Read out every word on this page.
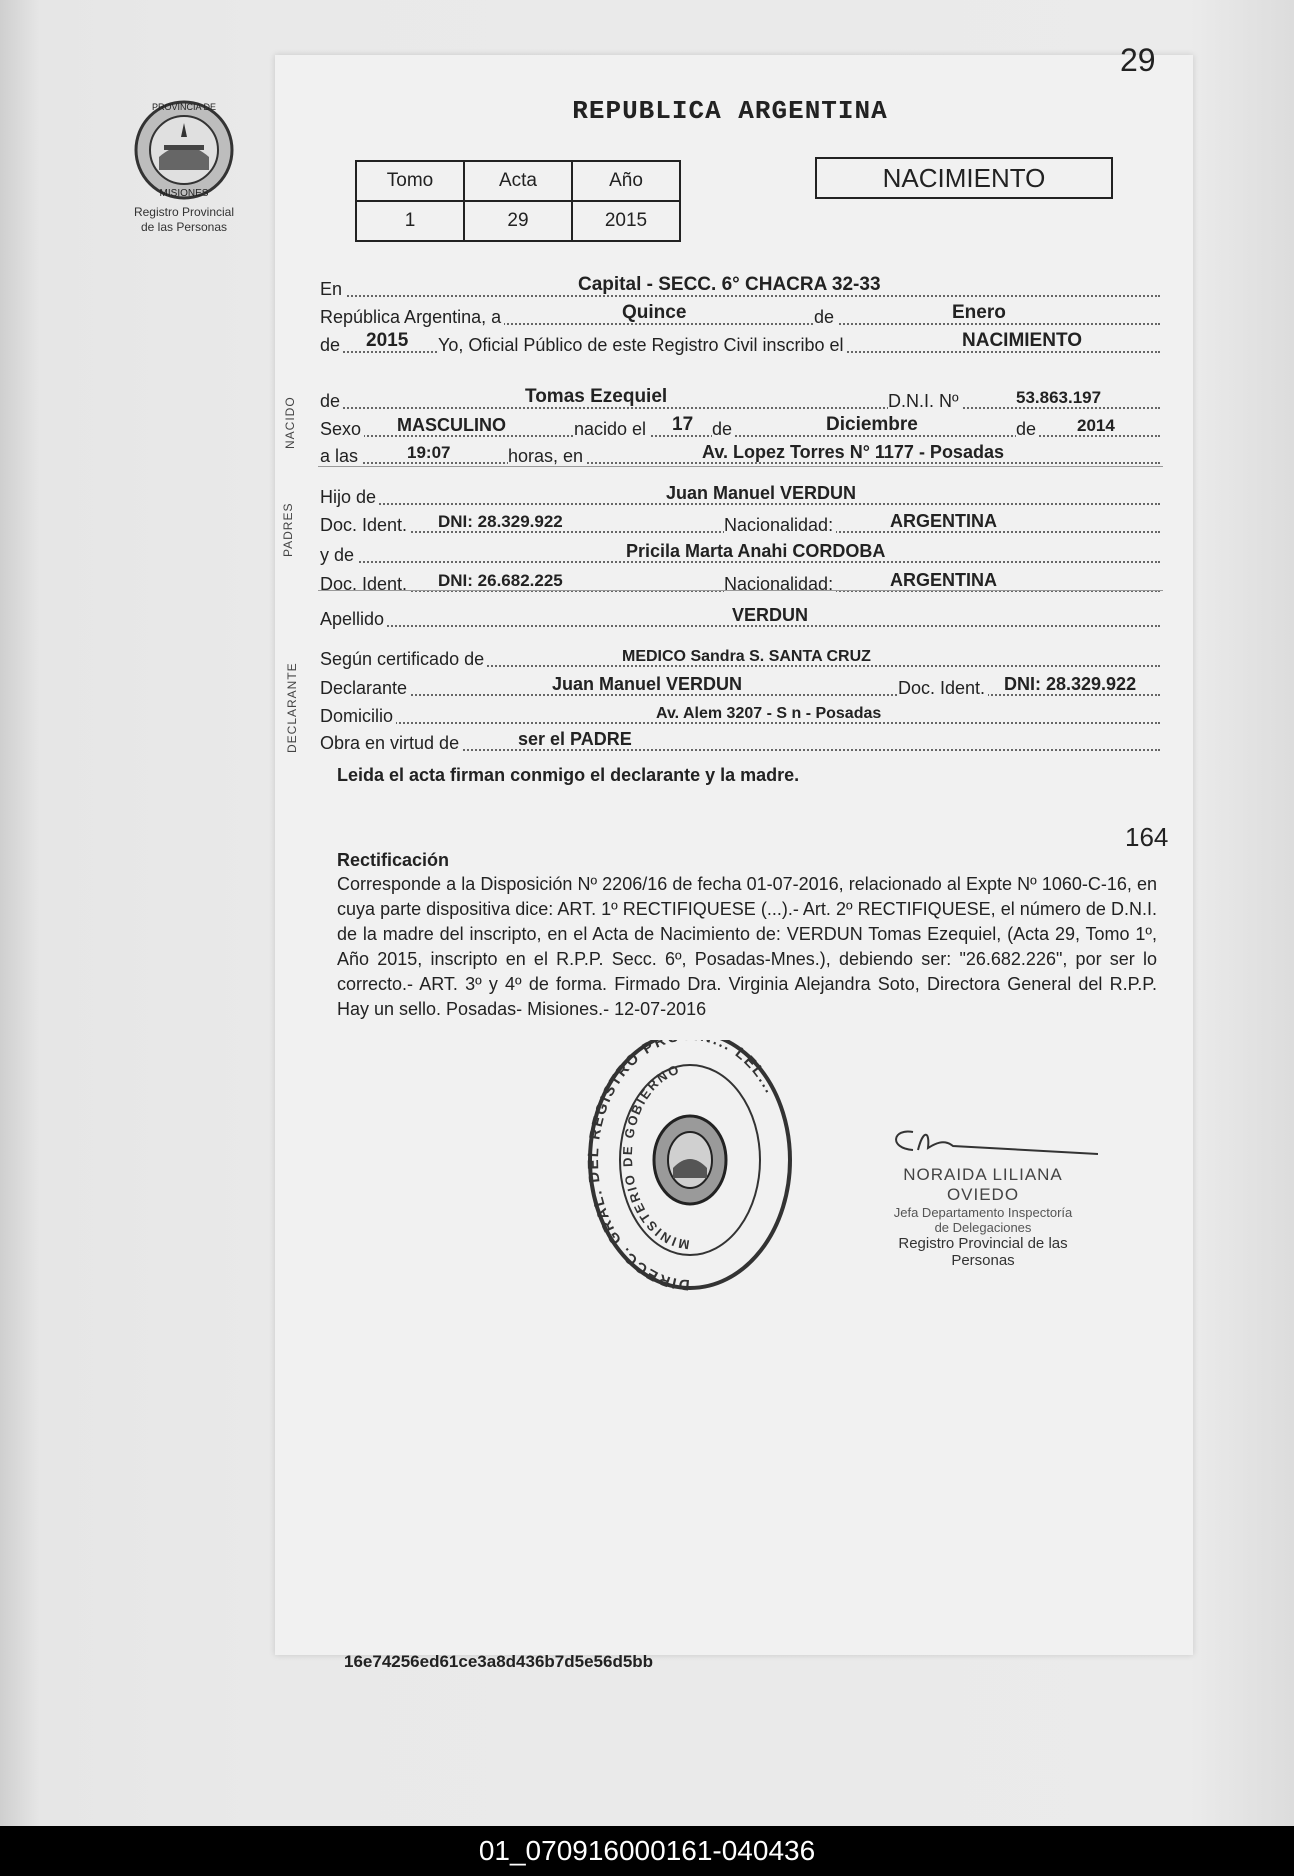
29
PROVINCIA DE
MISIONES
Registro Provincial
de las Personas
REPUBLICA ARGENTINA
Tomo	Acta	Año
1	29	2015
NACIMIENTO
En	Capital - SECC. 6° CHACRA 32-33
República Argentina, a	Quince	de	Enero
de 2015 Yo, Oficial Público de este Registro Civil inscribo el	NACIMIENTO
de	Tomas Ezequiel	D.N.I. Nº	53.863.197
Sexo MASCULINO	nacido el 17 de	Diciembre	de 2014
a las	19:07	horas, en	Av. Lopez Torres N° 1177 - Posadas
Hijo de	Juan Manuel VERDUN
Doc. Ident. DNI: 28.329.922	Nacionalidad:	ARGENTINA
y de	Pricila Marta Anahi CORDOBA
Doc. Ident. DNI: 26.682.225	Nacionalidad:	ARGENTINA
Apellido	VERDUN
Según certificado de	MEDICO Sandra S. SANTA CRUZ
Declarante	Juan Manuel VERDUN	Doc. Ident. DNI: 28.329.922
Domicilio	Av. Alem 3207 - S n - Posadas
Obra en virtud de	ser el PADRE
NACIDO
PADRES
DECLARANTE
Leida el acta firman conmigo el declarante y la madre.
164
Rectificación
Corresponde a la Disposición Nº 2206/16 de fecha 01-07-2016, relacionado al Expte Nº 1060-C-16, en cuya parte dispositiva dice: ART. 1º RECTIFIQUESE (...).- Art. 2º RECTIFIQUESE, el número de D.N.I. de la madre del inscripto, en el Acta de Nacimiento de: VERDUN Tomas Ezequiel, (Acta 29, Tomo 1º, Año 2015, inscripto en el R.P.P. Secc. 6º, Posadas-Mnes.), debiendo ser: "26.682.226", por ser lo correcto.- ART. 3º y 4º de forma. Firmado Dra. Virginia Alejandra Soto, Directora General del R.P.P. Hay un sello. Posadas- Misiones.- 12-07-2016
DIRECC. GRAL. DEL REGISTRO PR ... LEL...
MINISTERIO DE GOBIERNO
NORAIDA LILIANA OVIEDO
Jefa Departamento Inspectoría
de Delegaciones
Registro Provincial de las Personas
16e74256ed61ce3a8d436b7d5e56d5bb
01_070916000161-040436
